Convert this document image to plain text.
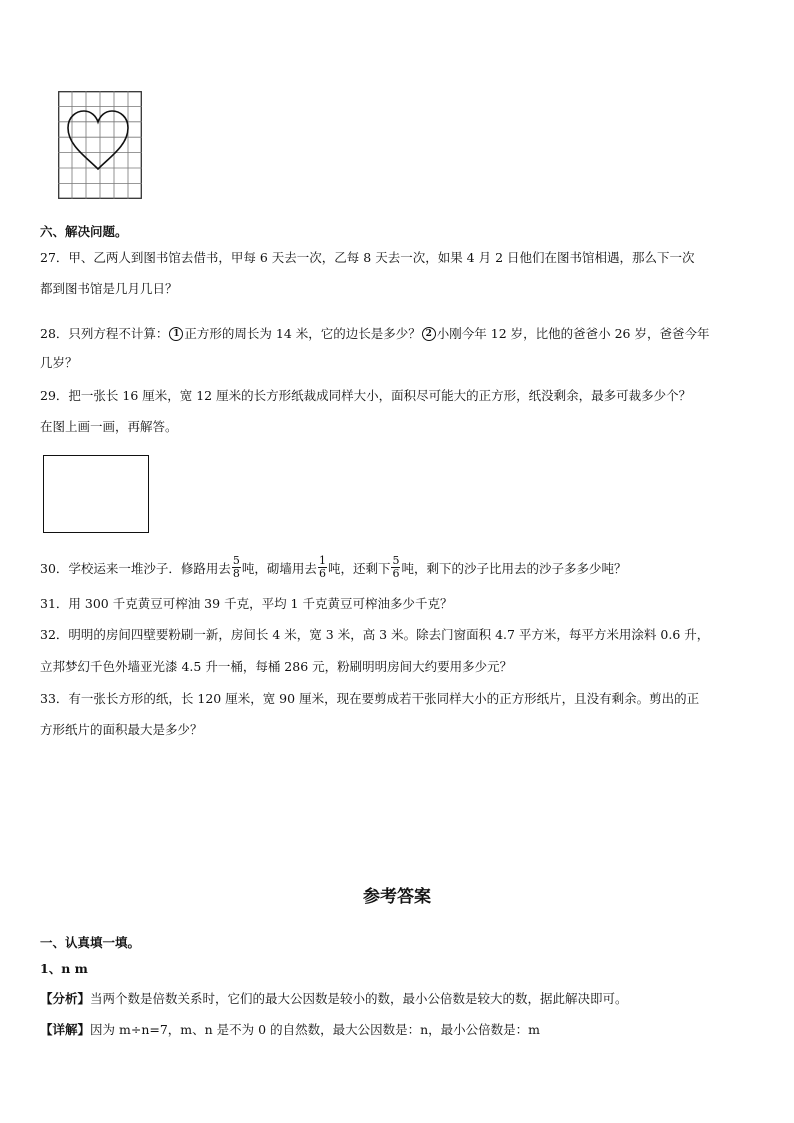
六、解决问题。
27．甲、乙两人到图书馆去借书，甲每 6 天去一次，乙每 8 天去一次，如果 4 月 2 日他们在图书馆相遇，那么下一次
都到图书馆是几月几日？
28．只列方程不计算： 1 正方形的周长为 14 米，它的边长是多少？ 2 小刚今年 12 岁，比他的爸爸小 26 岁，爸爸今年
几岁？
29．把一张长 16 厘米，宽 12 厘米的长方形纸裁成同样大小，面积尽可能大的正方形，纸没剩余，最多可裁多少个？
在图上画一画，再解答。
30．学校运来一堆沙子．修路用去 $\frac{5}{8}$ 吨，砌墙用去 $\frac{1}{6}$ 吨，还剩下 $\frac{5}{6}$ 吨，剩下的沙子比用去的沙子多多少吨？
31．用 300 千克黄豆可榨油 39 千克，平均 1 千克黄豆可榨油多少千克？
32．明明的房间四壁要粉刷一新，房间长 4 米，宽 3 米，高 3 米。除去门窗面积 4.7 平方米，每平方米用涂料 0.6 升，
立邦梦幻千色外墙亚光漆 4.5 升一桶，每桶 286 元，粉刷明明房间大约要用多少元？
33．有一张长方形的纸，长 120 厘米，宽 90 厘米，现在要剪成若干张同样大小的正方形纸片，且没有剩余。剪出的正
方形纸片的面积最大是多少？
参考答案
一、认真填一填。
1、n m
【分析】当两个数是倍数关系时，它们的最大公因数是较小的数，最小公倍数是较大的数，据此解决即可。
【详解】因为 m÷n=7，m、n 是不为 0 的自然数，最大公因数是：n，最小公倍数是：m
